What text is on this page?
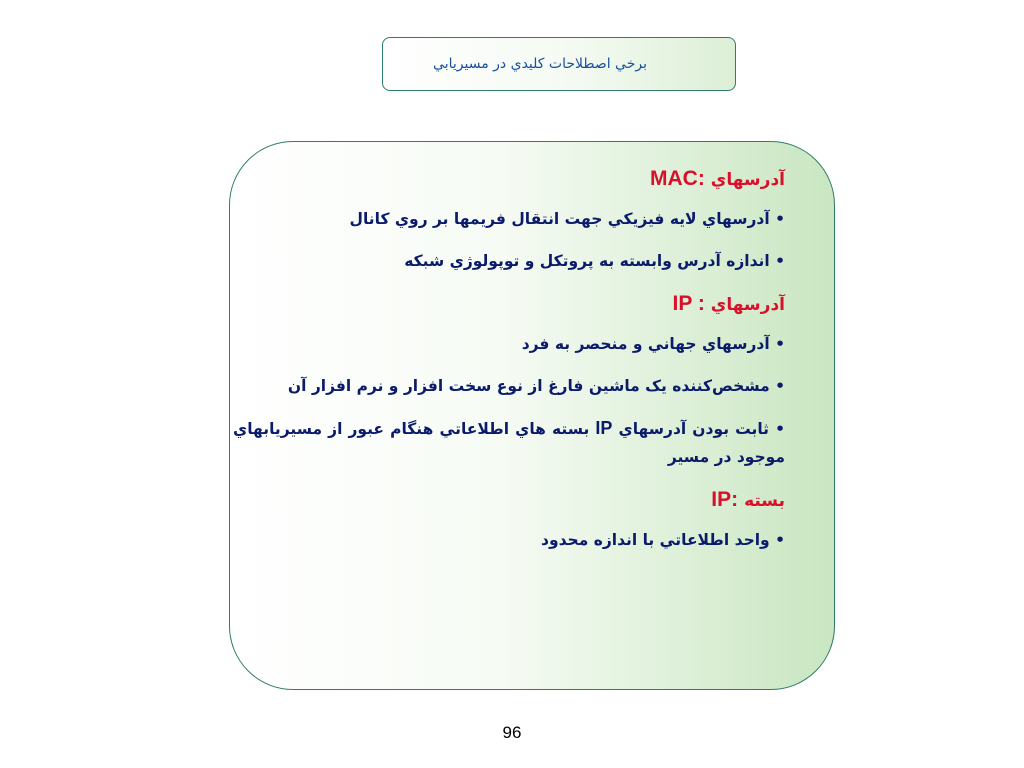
برخي اصطلاحات کليدي در مسيريابي
آدرسهاي MAC:
• آدرسهاي لايه فيزيکي جهت انتقال فريمها بر روي کانال
• اندازه آدرس وابسته به پروتکل و توپولوژي شبکه
آدرسهاي IP :
• آدرسهاي جهاني و منحصر به فرد
• مشخص‌کننده يک ماشين فارغ از نوع سخت افزار و نرم افزار آن
• ثابت بودن آدرسهاي IP بسته هاي اطلاعاتي هنگام عبور از مسيريابهاي موجود در مسير
بسته IP:
• واحد اطلاعاتي با اندازه محدود
96
